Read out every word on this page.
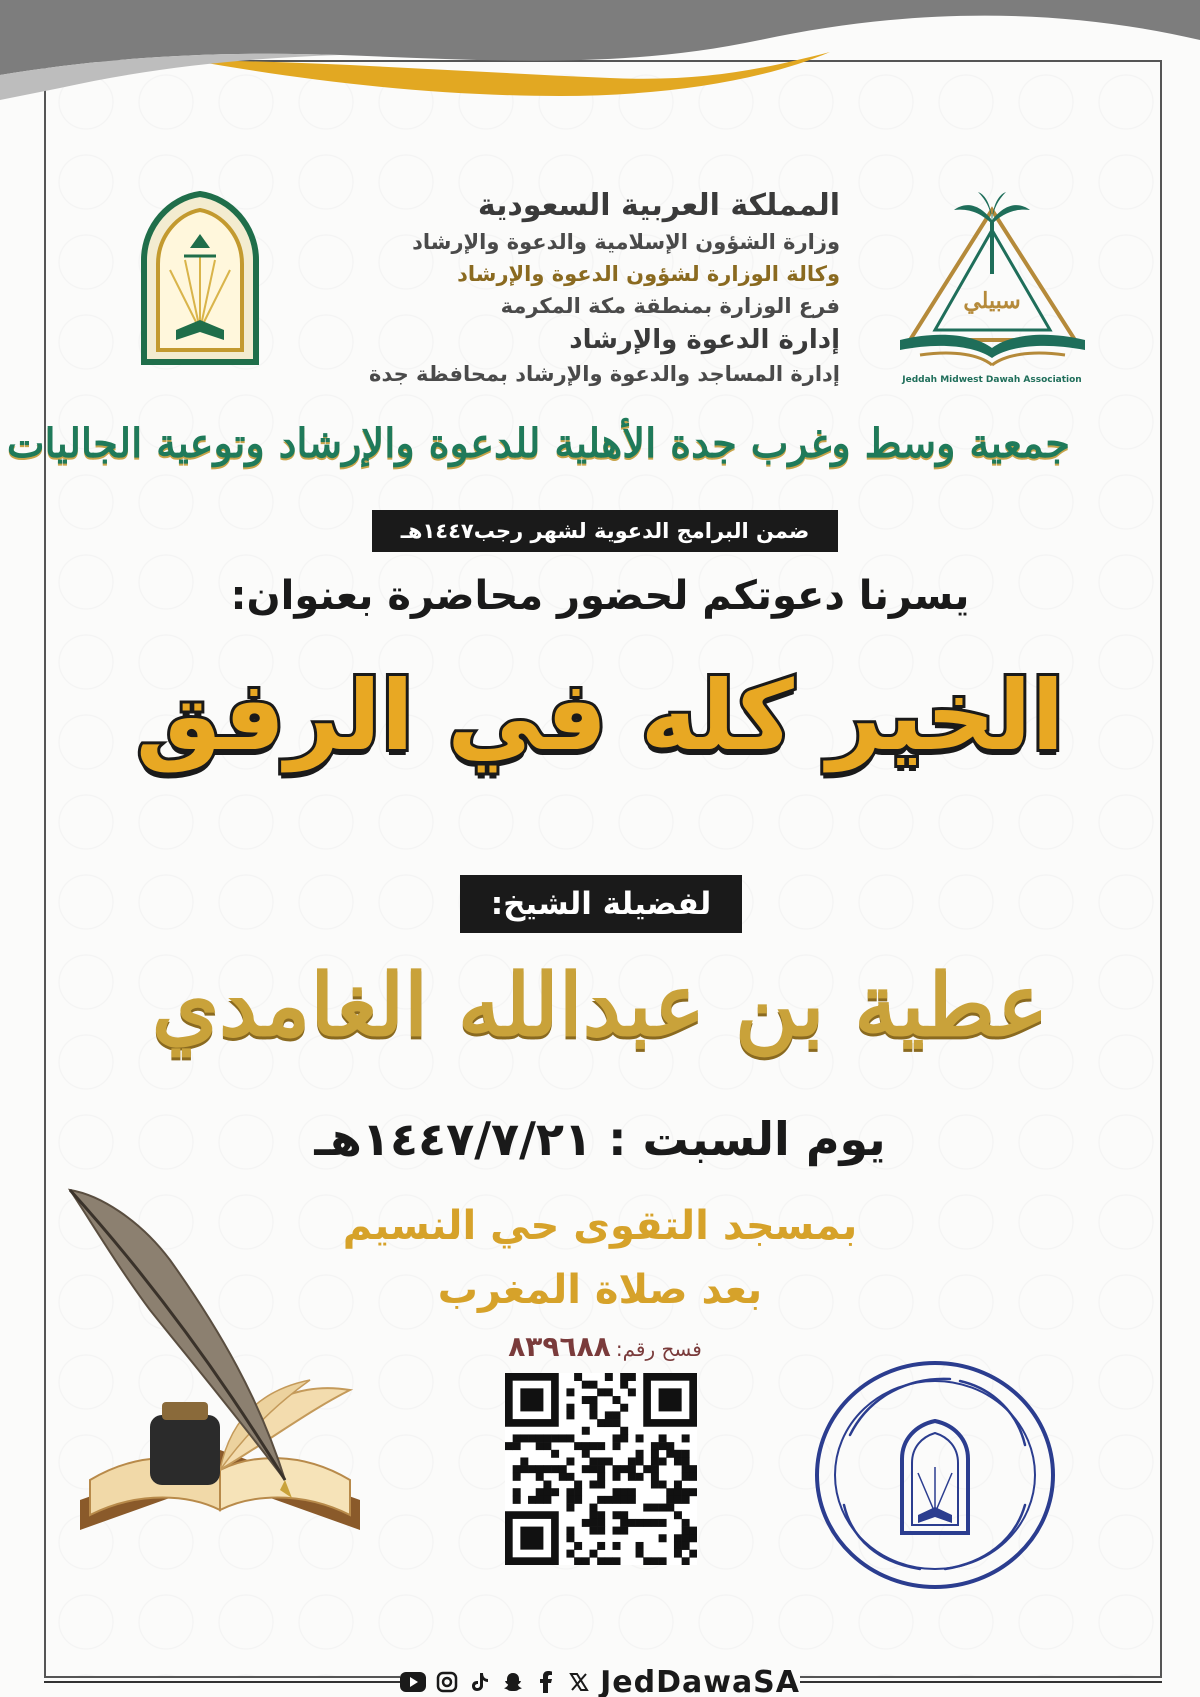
المملكة العربية السعودية
وزارة الشؤون الإسلامية والدعوة والإرشاد
وكالة الوزارة لشؤون الدعوة والإرشاد
فرع الوزارة بمنطقة مكة المكرمة
إدارة الدعوة والإرشاد
إدارة المساجد والدعوة والإرشاد بمحافظة جدة
سبيلي
Jeddah Midwest Dawah Association
جمعية وسط وغرب جدة الأهلية للدعوة والإرشاد وتوعية الجاليات
ضمن البرامج الدعوية لشهر رجب١٤٤٧هـ
يسرنا دعوتكم لحضور محاضرة بعنوان:
الخير كله في الرفق
لفضيلة الشيخ:
عطية بن عبدالله الغامدي
يوم السبت : ١٤٤٧/٧/٢١هـ
بمسجد التقوى حي النسيم
بعد صلاة المغرب
فسح رقم: ٨٣٩٦٨٨
JedDawaSA
